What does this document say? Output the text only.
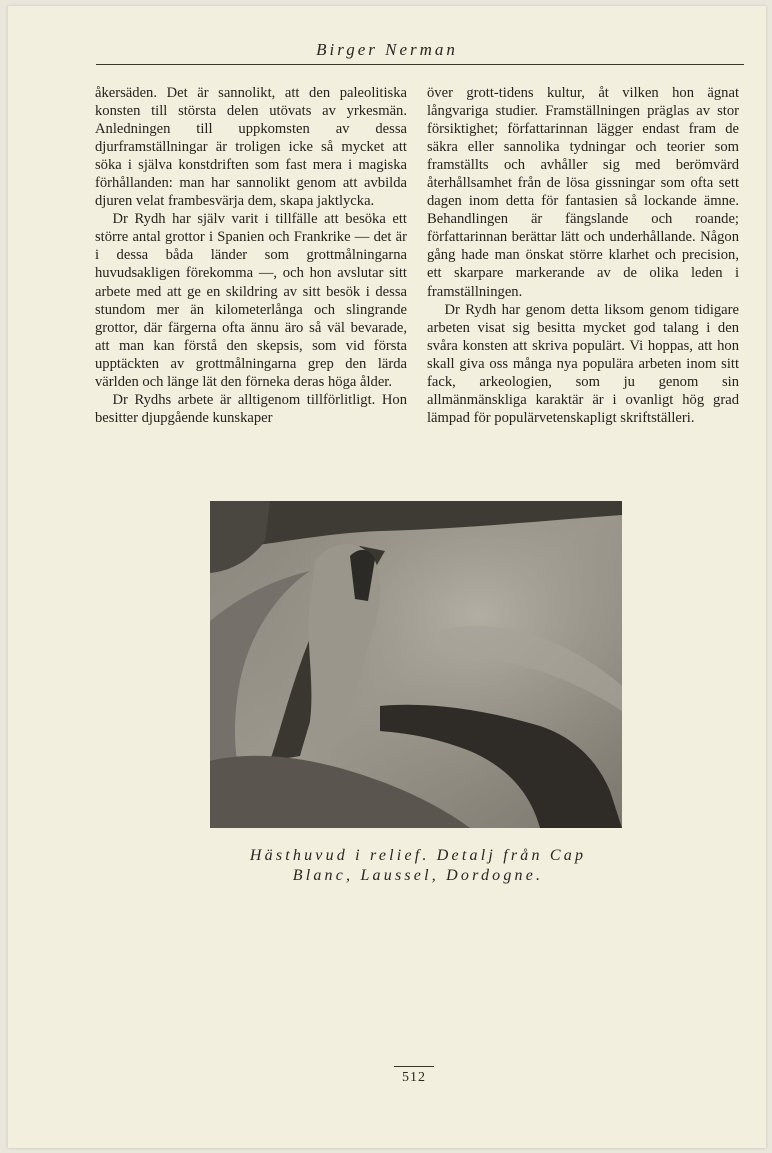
Birger Nerman

åkersäden. Det är sannolikt, att den paleolitiska konsten till största delen utövats av yrkesmän. Anledningen till uppkomsten av dessa djurframställningar är troligen icke så mycket att söka i själva konstdriften som fast mera i magiska förhållanden: man har sannolikt genom att avbilda djuren velat frambesvärja dem, skapa jaktlycka.

Dr Rydh har själv varit i tillfälle att besöka ett större antal grottor i Spanien och Frankrike — det är i dessa båda länder som grottmålningarna huvudsakligen förekomma —, och hon avslutar sitt arbete med att ge en skildring av sitt besök i dessa stundom mer än kilometerlånga och slingrande grottor, där färgerna ofta ännu äro så väl bevarade, att man kan förstå den skepsis, som vid första upptäckten av grottmålningarna grep den lärda världen och länge lät den förneka deras höga ålder.

Dr Rydhs arbete är alltigenom tillförlitligt. Hon besitter djupgående kunskaper

över grott-tidens kultur, åt vilken hon ägnat långvariga studier. Framställningen präglas av stor försiktighet; författarinnan lägger endast fram de säkra eller sannolika tydningar och teorier som framställts och avhåller sig med berömvärd återhållsamhet från de lösa gissningar som ofta sett dagen inom detta för fantasien så lockande ämne. Behandlingen är fängslande och roande; författarinnan berättar lätt och underhållande. Någon gång hade man önskat större klarhet och precision, ett skarpare markerande av de olika leden i framställningen.

Dr Rydh har genom detta liksom genom tidigare arbeten visat sig besitta mycket god talang i den svåra konsten att skriva populärt. Vi hoppas, att hon skall giva oss många nya populära arbeten inom sitt fack, arkeologien, som ju genom sin allmänmänskliga karaktär är i ovanligt hög grad lämpad för populärvetenskapligt skriftställeri.

Hästhuvud i relief. Detalj från Cap
Blanc, Laussel, Dordogne.
512
